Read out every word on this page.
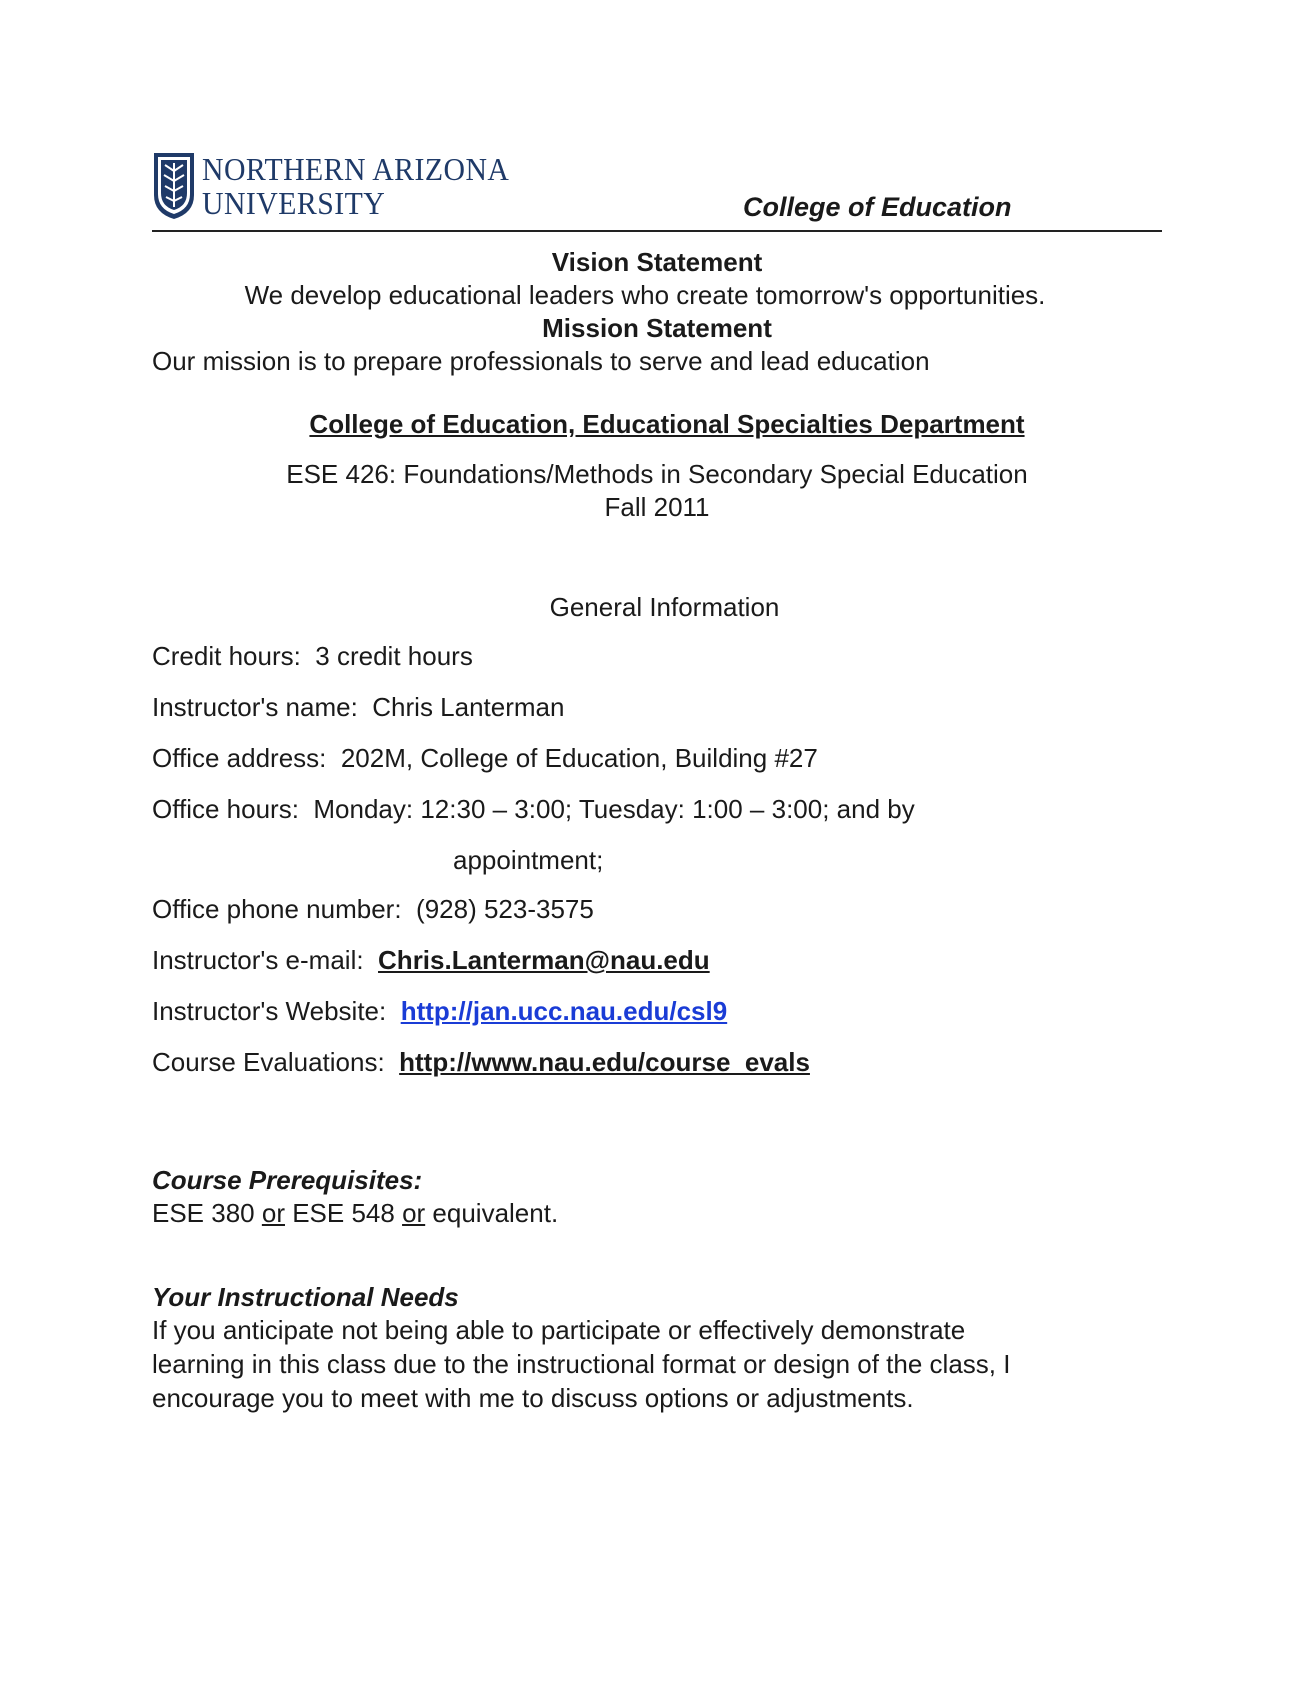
NORTHERN ARIZONA
UNIVERSITY	College of Education
Vision Statement
We develop educational leaders who create tomorrow's opportunities.
Mission Statement
Our mission is to prepare professionals to serve and lead education
College of Education, Educational Specialties Department
ESE 426: Foundations/Methods in Secondary Special Education
Fall 2011
General Information
Credit hours: 3 credit hours
Instructor's name: Chris Lanterman
Office address: 202M, College of Education, Building #27
Office hours: Monday: 12:30 – 3:00; Tuesday: 1:00 – 3:00; and by
appointment;
Office phone number: (928) 523-3575
Instructor's e-mail: Chris.Lanterman@nau.edu
Instructor's Website: http://jan.ucc.nau.edu/csl9
Course Evaluations: http://www.nau.edu/course_evals
Course Prerequisites:
ESE 380 or ESE 548 or equivalent.
Your Instructional Needs
If you anticipate not being able to participate or effectively demonstrate
learning in this class due to the instructional format or design of the class, I
encourage you to meet with me to discuss options or adjustments.
